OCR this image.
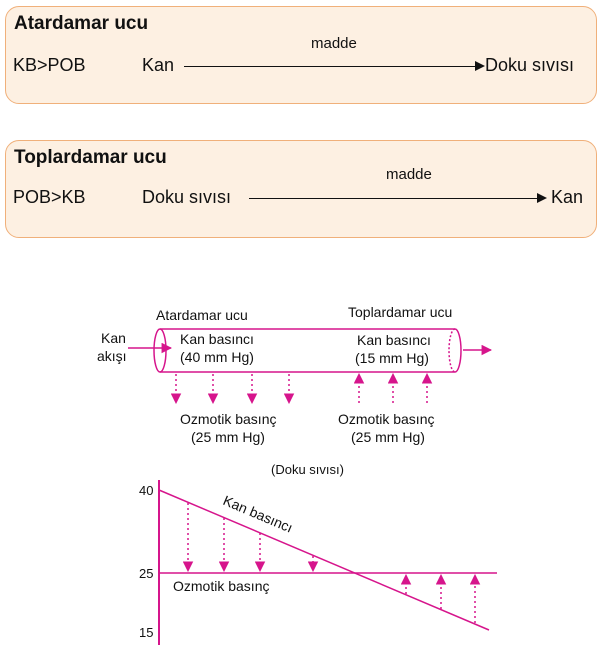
Atardamar ucu
KB>POB	Kan
madde
Doku sıvısı
Toplardamar ucu
POB>KB	Doku sıvısı
madde
Kan
Atardamar ucu	Toplardamar ucu
Kan
akışı
Kan basıncı
(40 mm Hg)
Kan basıncı
(15 mm Hg)
Ozmotik basınç
(25 mm Hg)
Ozmotik basınç
(25 mm Hg)
(Doku sıvısı)
40
25
15
Kan basıncı
Ozmotik basınç
